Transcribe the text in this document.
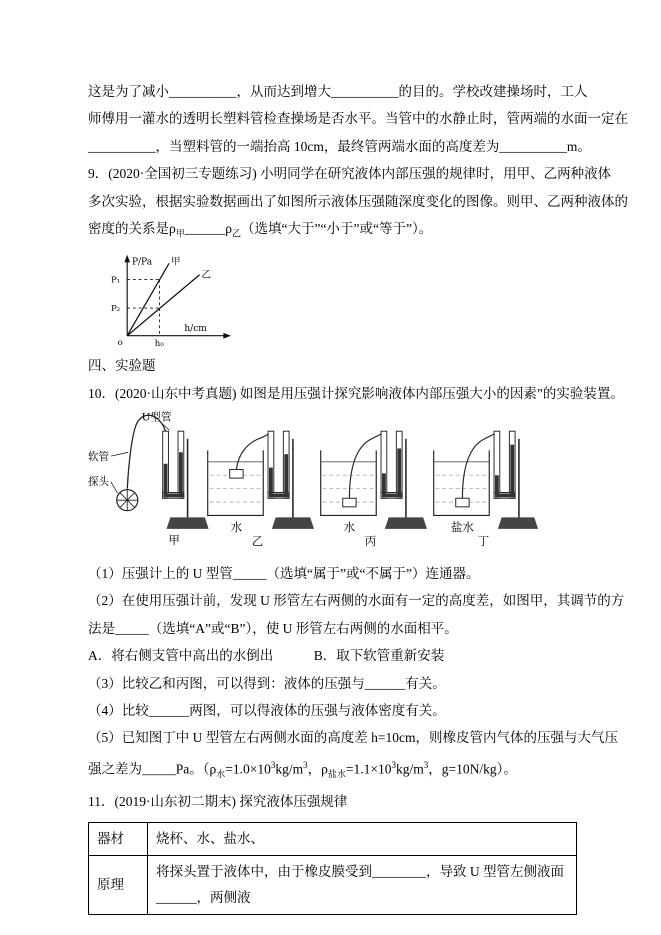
这是为了减小__________，从而达到增大__________的目的。学校改建操场时，工人

师傅用一灌水的透明长塑料管检查操场是否水平。当管中的水静止时，管两端的水面一定在

__________，当塑料管的一端抬高 10cm，最终管两端水面的高度差为__________m。

9．(2020·全国初三专题练习) 小明同学在研究液体内部压强的规律时，用甲、乙两种液体

多次实验，根据实验数据画出了如图所示液体压强随深度变化的图像。则甲、乙两种液体的

密度的关系是$\rho_甲\_\_\_\_\_\_\rho_乙$（选填“大于”“小于”或“等于”）。

P/Pa
h/cm
甲
乙
P₁
P₂
h₀
o

四、实验题

10．(2020·山东中考真题) 如图是用压强计探究影响液体内部压强大小的因素”的实验装置。

U型管
软管
探头
甲
水
乙
水
丙
盐水
丁

（1）压强计上的 U 型管_____（选填“属于”或“不属于”）连通器。

（2）在使用压强计前，发现 U 形管左右两侧的水面有一定的高度差，如图甲，其调节的方

法是_____（选填“A”或“B”），使 U 形管左右两侧的水面相平。

A．将右侧支管中高出的水倒出　　　B．取下软管重新安装

（3）比较乙和丙图，可以得到：液体的压强与______有关。

（4）比较______两图，可以得液体的压强与液体密度有关。

（5）已知图丁中 U 型管左右两侧水面的高度差 h=10cm，则橡皮管内气体的压强与大气压

强之差为_____Pa。（$\rho_水=1.0\times 10^3kg/m^3$，$\rho_{盐水}=1.1\times 10^3kg/m^3$，g=10N/kg）。

11．(2019·山东初二期末) 探究液体压强规律

器材	烧杯、水、盐水、
原理	将探头置于液体中，由于橡皮膜受到________，导致 U 型管左侧液面______，两侧液
